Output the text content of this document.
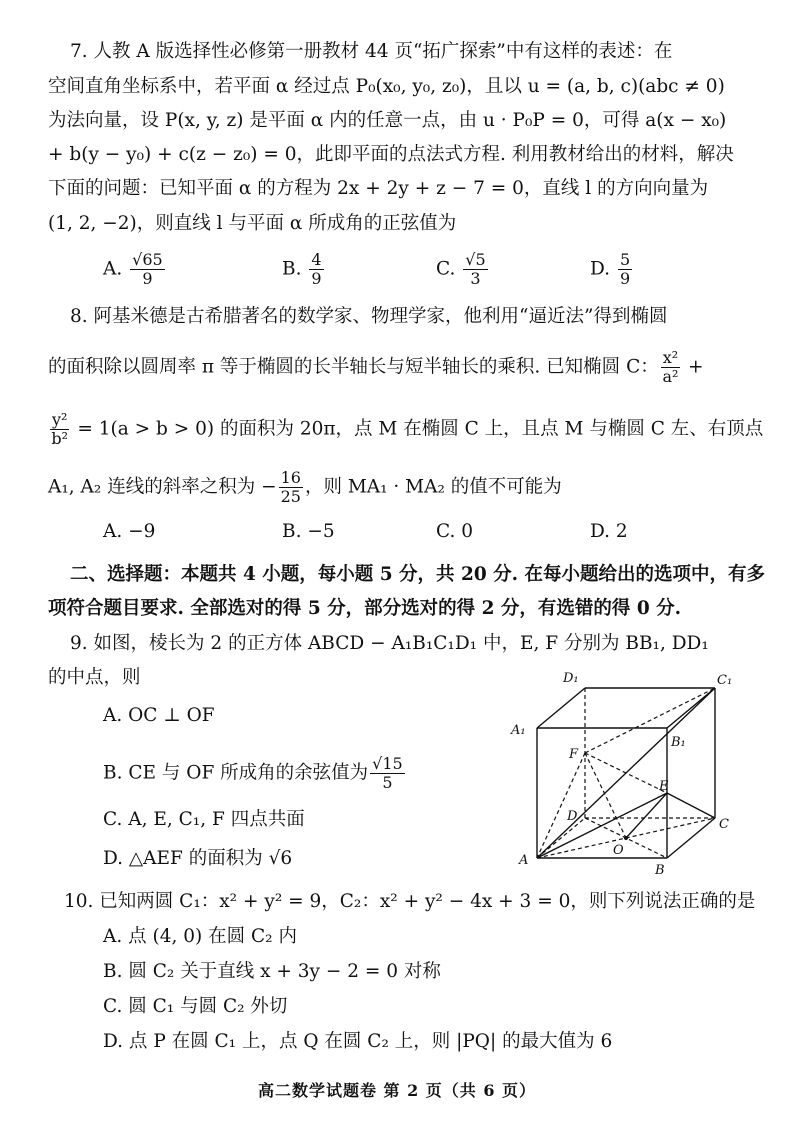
7. 人教 A 版选择性必修第一册教材 44 页“拓广探索”中有这样的表述：在
空间直角坐标系中，若平面 α 经过点 P₀(x₀, y₀, z₀)，且以 u = (a, b, c)(abc ≠ 0)
为法向量，设 P(x, y, z) 是平面 α 内的任意一点，由 u · P₀P = 0，可得 a(x − x₀)
+ b(y − y₀) + c(z − z₀) = 0，此即平面的点法式方程. 利用教材给出的材料，解决
下面的问题：已知平面 α 的方程为 2x + 2y + z − 7 = 0，直线 l 的方向向量为
(1, 2, −2)，则直线 l 与平面 α 所成角的正弦值为
A. $\frac{√65}{9}$	B. $\frac{4}{9}$	C. $\frac{√5}{3}$	D. $\frac{5}{9}$
8. 阿基米德是古希腊著名的数学家、物理学家，他利用“逼近法”得到椭圆
的面积除以圆周率 π 等于椭圆的长半轴长与短半轴长的乘积. 已知椭圆 C： $\frac{\text{x²}}{\text{a²}}$ +
$\frac{\text{y²}}{\text{b²}} = 1(a > b > 0)$ 的面积为 20π，点 M 在椭圆 C 上，且点 M 与椭圆 C 左、右顶点
A₁, A₂ 连线的斜率之积为 − $\frac{16}{25}$ ，则 MA₁ · MA₂ 的值不可能为
A. −9	B. −5	C. 0	D. 2
二、选择题：本题共 4 小题，每小题 5 分，共 20 分. 在每小题给出的选项中，有多
项符合题目要求. 全部选对的得 5 分，部分选对的得 2 分，有选错的得 0 分.
9. 如图，棱长为 2 的正方体 ABCD − A₁B₁C₁D₁ 中，E, F 分别为 BB₁, DD₁
的中点，则
A. OC ⊥ OF
B. CE 与 OF 所成角的余弦值为 $\frac{√15}{5}$
C. A, E, C₁, F 四点共面
D. △AEF 的面积为 √6
D₁	C₁
A₁
B₁
F
E
D
C
O
A
B
10. 已知两圆 C₁：x² + y² = 9，C₂：x² + y² − 4x + 3 = 0，则下列说法正确的是
A. 点 (4, 0) 在圆 C₂ 内
B. 圆 C₂ 关于直线 x + 3y − 2 = 0 对称
C. 圆 C₁ 与圆 C₂ 外切
D. 点 P 在圆 C₁ 上，点 Q 在圆 C₂ 上，则 |PQ| 的最大值为 6
高二数学试题卷 第 2 页（共 6 页）
